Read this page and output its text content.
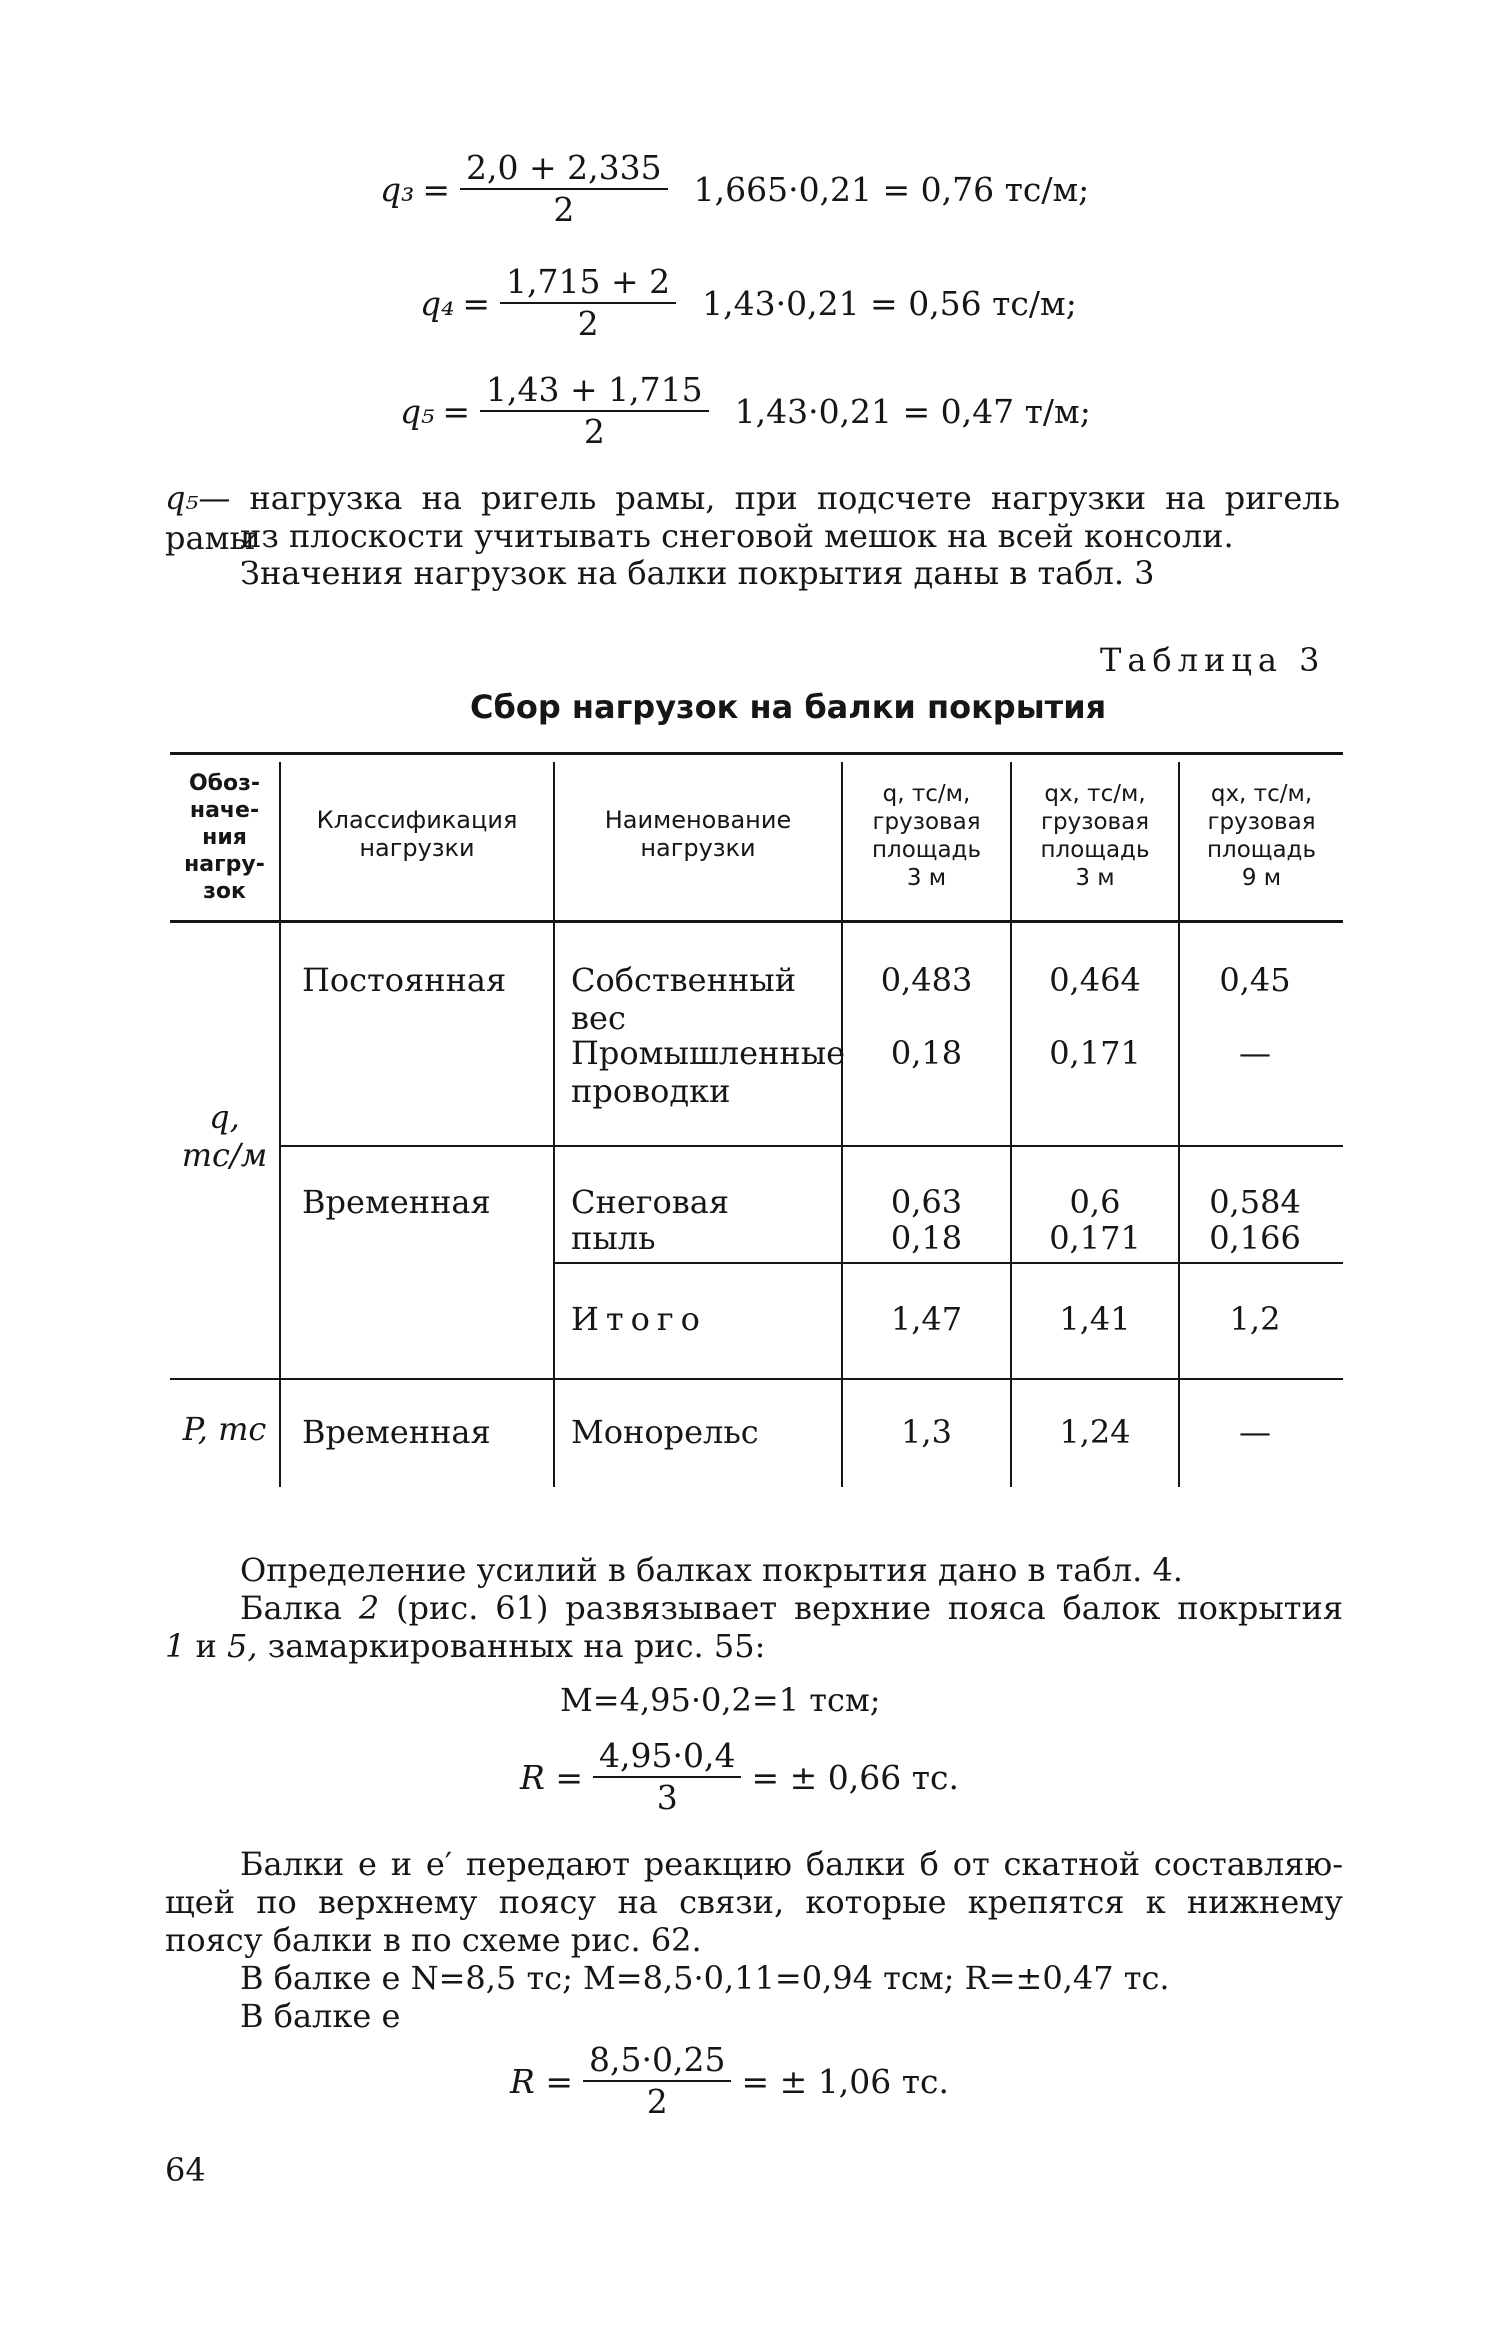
$q_3 = \frac{2,0 + 2,335}{2} 1,665\cdot 0,21 = 0,76$ тс/м;
$q_4 = \frac{1,715 + 2}{2} 1,43\cdot 0,21 = 0,56$ тс/м;
$q_5 = \frac{1,43 + 1,715}{2} 1,43\cdot 0,21 = 0,47$ т/м;
q₅— нагрузка на ригель рамы, при подсчете нагрузки на ригель рамы
из плоскости учитывать снеговой мешок на всей консоли.
Значения нагрузок на балки покрытия даны в табл. 3
Таблица 3
Сбор нагрузок на балки покрытия
Обоз-
наче-
ния
нагру-
зок
Классификация
нагрузки
Наименование
нагрузки
q, тс/м,
грузовая
площадь
3 м
qx, тс/м,
грузовая
площадь
3 м
qx, тс/м,
грузовая
площадь
9 м
q,
тс/м
P, тс
Постоянная
Временная
Временная
Собственный
вес
Промышленные
проводки
Снеговая
пыль
Итого
Монорельс
0,483
0,18
0,63
0,18
1,47
1,3
0,464
0,171
0,6
0,171
1,41
1,24
0,45
—
0,584
0,166
1,2
—
Определение усилий в балках покрытия дано в табл. 4.
Балка 2 (рис. 61) развязывает верхние пояса балок покрытия
1 и 5, замаркированных на рис. 55:
M=4,95·0,2=1 тсм;
$R = \frac{4,95\cdot 0,4}{3}$ = ± 0,66 тс.
Балки е и е′ передают реакцию балки б от скатной составляю-
щей по верхнему поясу на связи, которые крепятся к нижнему
поясу балки в по схеме рис. 62.
В балке е N=8,5 тс; M=8,5·0,11=0,94 тсм; R=±0,47 тс.
В балке е
$R = \frac{8,5\cdot 0,25}{2}$ = ± 1,06 тс.
64
